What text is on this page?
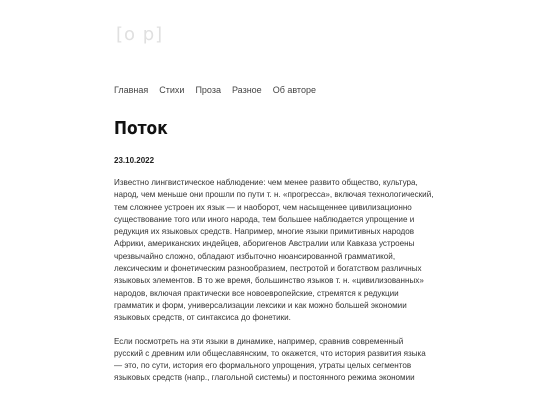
[o p]
Главная Стихи Проза Разное Об авторе
Поток
23.10.2022

Известно лингвистическое наблюдение: чем менее развито общество, культура, народ, чем меньше они прошли по пути т. н. «прогресса», включая технологический, тем сложнее устроен их язык — и наоборот, чем насыщеннее цивилизационно существование того или иного народа, тем большее наблюдается упрощение и редукция их языковых средств. Например, многие языки примитивных народов Африки, американских индейцев, аборигенов Австралии или Кавказа устроены чрезвычайно сложно, обладают избыточно нюансированной грамматикой, лексическим и фонетическим разнообразием, пестротой и богатством различных языковых элементов. В то же время, большинство языков т. н. «цивилизованных» народов, включая практически все новоевропейские, стремятся к редукции грамматик и форм, универсализации лексики и как можно большей экономии языковых средств, от синтаксиса до фонетики.

Если посмотреть на эти языки в динамике, например, сравнив современный русский с древним или общеславянским, то окажется, что история развития языка — это, по сути, история его формального упрощения, утраты целых сегментов языковых средств (напр., глагольной системы) и постоянного режима экономии
